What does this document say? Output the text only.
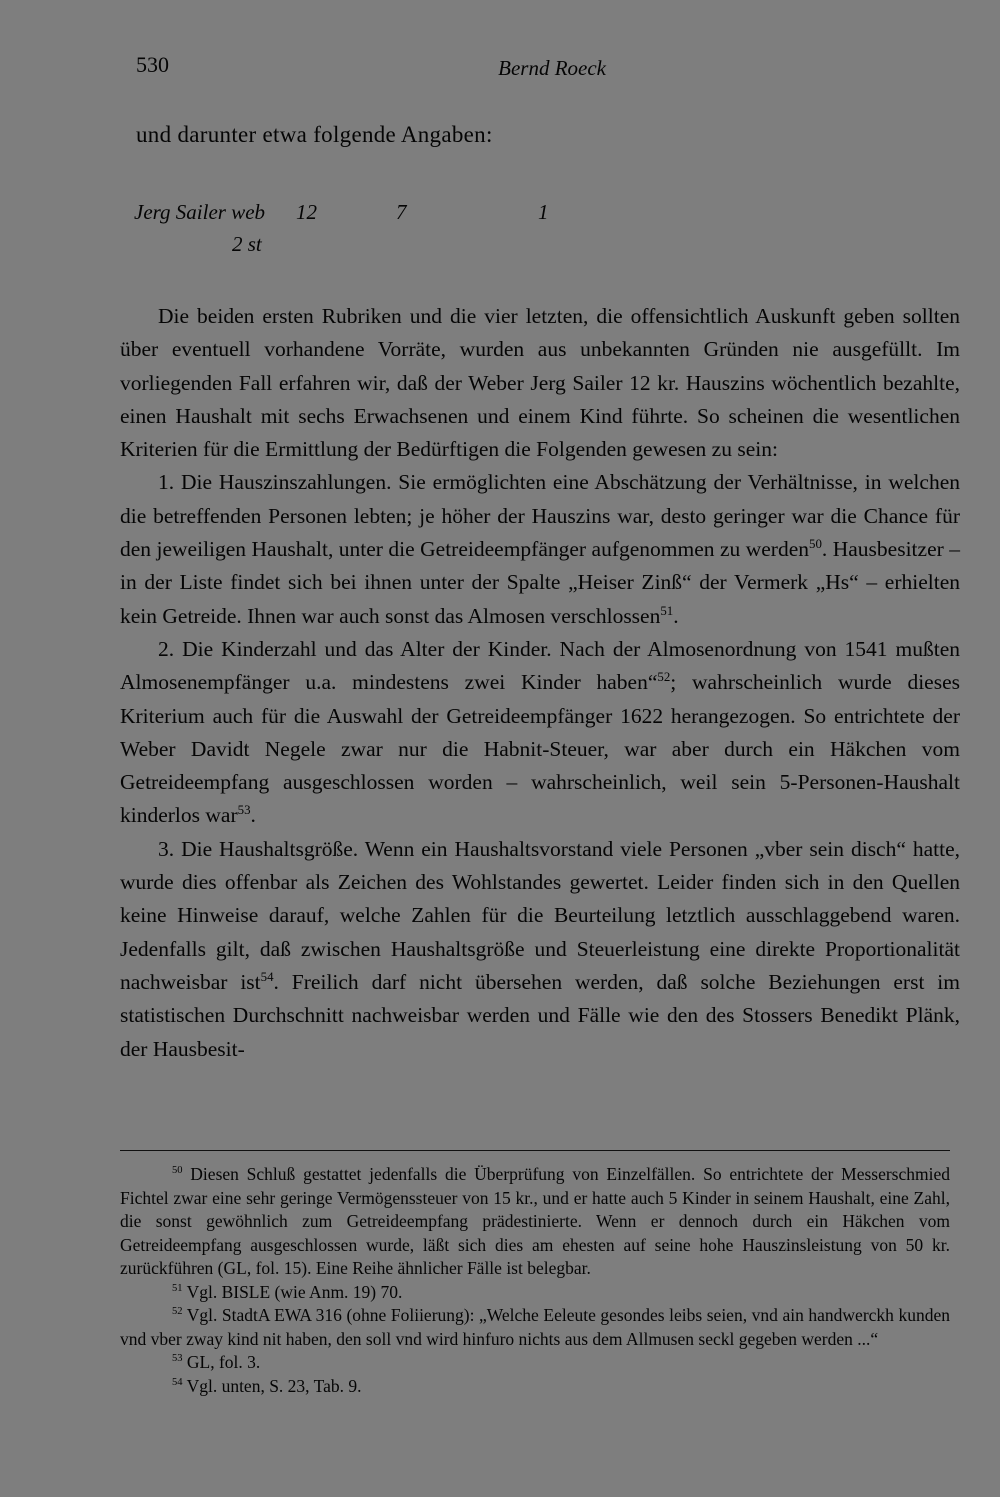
530	Bernd Roeck
und darunter etwa folgende Angaben:
Jerg Sailer web 12	7	1
2 st

Die beiden ersten Rubriken und die vier letzten, die offensichtlich Auskunft geben sollten über eventuell vorhandene Vorräte, wurden aus unbekannten Gründen nie ausgefüllt. Im vorliegenden Fall erfahren wir, daß der Weber Jerg Sailer 12 kr. Hauszins wöchentlich bezahlte, einen Haushalt mit sechs Erwachsenen und einem Kind führte. So scheinen die wesentlichen Kriterien für die Ermittlung der Bedürftigen die Folgenden gewesen zu sein:

1. Die Hauszinszahlungen. Sie ermöglichten eine Abschätzung der Verhältnisse, in welchen die betreffenden Personen lebten; je höher der Hauszins war, desto geringer war die Chance für den jeweiligen Haushalt, unter die Getreideempfänger aufgenommen zu werden$^{50}$. Hausbesitzer – in der Liste findet sich bei ihnen unter der Spalte „Heiser Zinß“ der Vermerk „Hs“ – erhielten kein Getreide. Ihnen war auch sonst das Almosen verschlossen$^{51}$.

2. Die Kinderzahl und das Alter der Kinder. Nach der Almosenordnung von 1541 mußten Almosenempfänger u.a. mindestens zwei Kinder haben“$^{52}$; wahrscheinlich wurde dieses Kriterium auch für die Auswahl der Getreideempfänger 1622 herangezogen. So entrichtete der Weber Davidt Negele zwar nur die Habnit-Steuer, war aber durch ein Häkchen vom Getreideempfang ausgeschlossen worden – wahrscheinlich, weil sein 5-Personen-Haushalt kinderlos war$^{53}$.

3. Die Haushaltsgröße. Wenn ein Haushaltsvorstand viele Personen „vber sein disch“ hatte, wurde dies offenbar als Zeichen des Wohlstandes gewertet. Leider finden sich in den Quellen keine Hinweise darauf, welche Zahlen für die Beurteilung letztlich ausschlaggebend waren. Jedenfalls gilt, daß zwischen Haushaltsgröße und Steuerleistung eine direkte Proportionalität nachweisbar ist$^{54}$. Freilich darf nicht übersehen werden, daß solche Beziehungen erst im statistischen Durchschnitt nachweisbar werden und Fälle wie den des Stossers Benedikt Plänk, der Hausbesit-

$^{50}$ Diesen Schluß gestattet jedenfalls die Überprüfung von Einzelfällen. So entrichtete der Messerschmied Fichtel zwar eine sehr geringe Vermögenssteuer von 15 kr., und er hatte auch 5 Kinder in seinem Haushalt, eine Zahl, die sonst gewöhnlich zum Getreideempfang prädestinierte. Wenn er dennoch durch ein Häkchen vom Getreideempfang ausgeschlossen wurde, läßt sich dies am ehesten auf seine hohe Hauszinsleistung von 50 kr. zurückführen (GL, fol. 15). Eine Reihe ähnlicher Fälle ist belegbar.

$^{51}$ Vgl. BISLE (wie Anm. 19) 70.

$^{52}$ Vgl. StadtA EWA 316 (ohne Foliierung): „Welche Eeleute gesondes leibs seien, vnd ain handwerckh kunden vnd vber zway kind nit haben, den soll vnd wird hinfuro nichts aus dem Allmusen seckl gegeben werden ...“

$^{53}$ GL, fol. 3.

$^{54}$ Vgl. unten, S. 23, Tab. 9.
